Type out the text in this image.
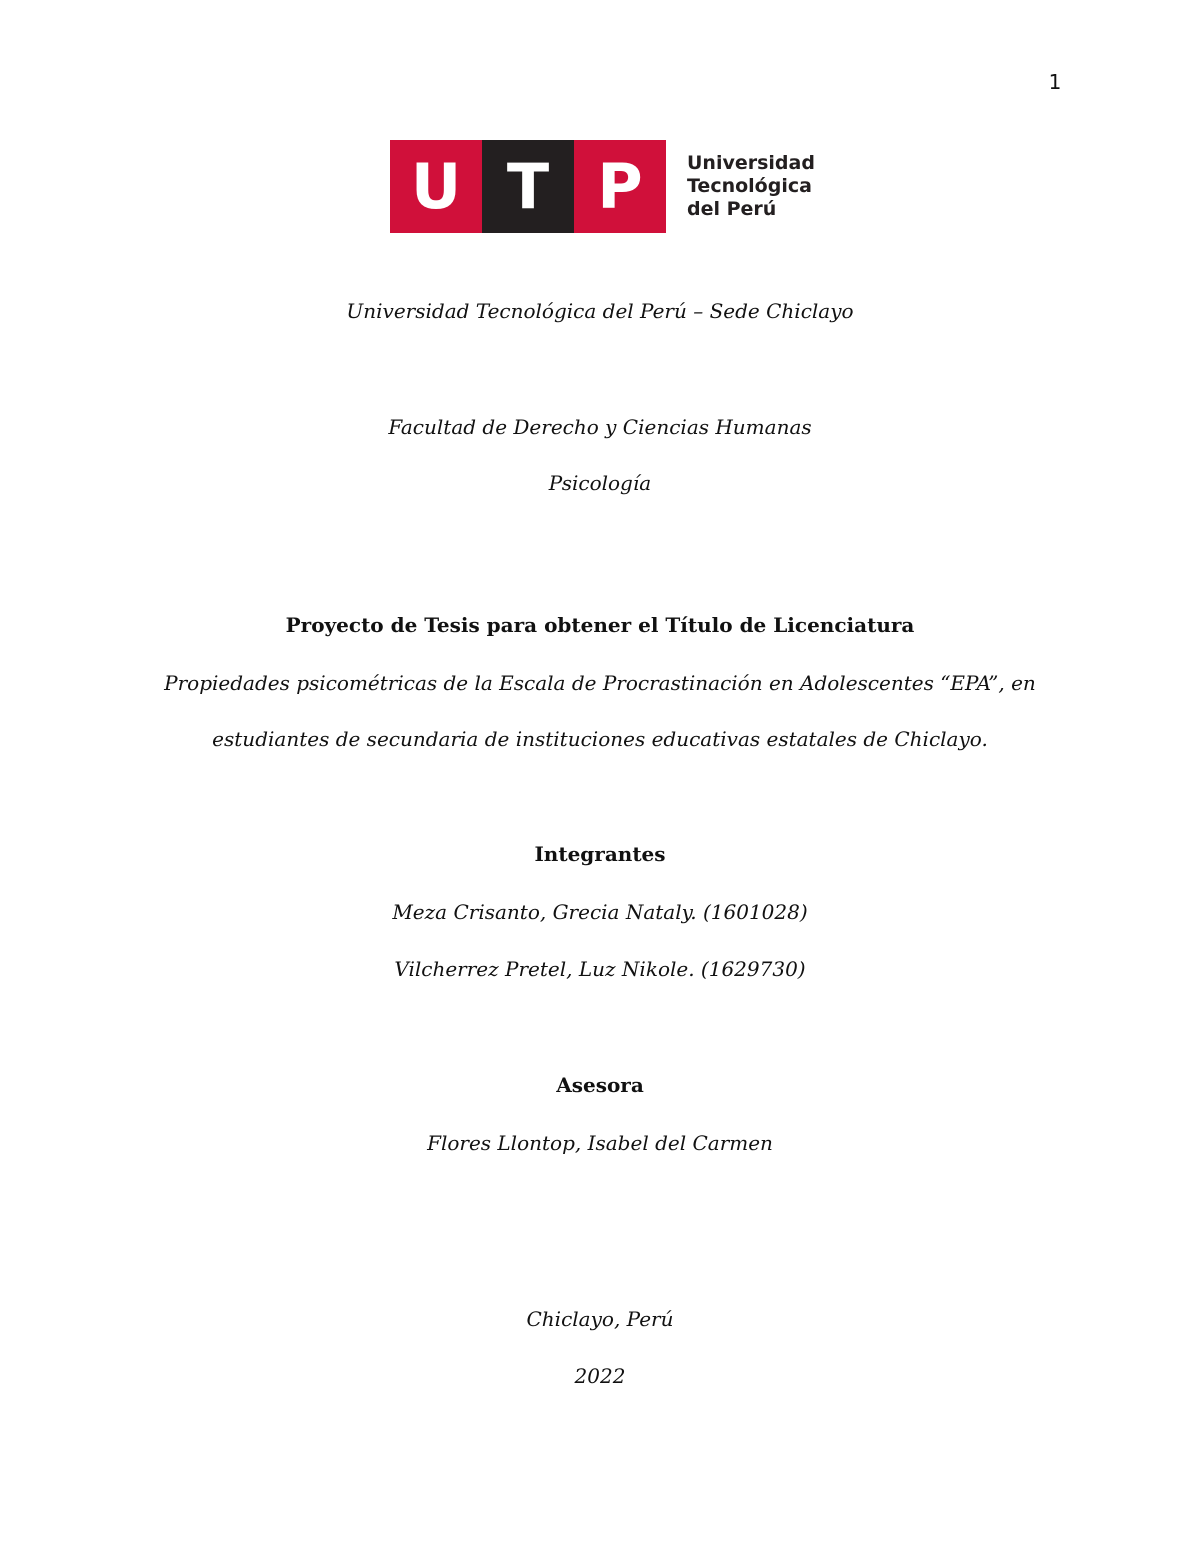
1
U T P	Universidad
Tecnológica
del Perú
Universidad Tecnológica del Perú – Sede Chiclayo
Facultad de Derecho y Ciencias Humanas
Psicología
Proyecto de Tesis para obtener el Título de Licenciatura
Propiedades psicométricas de la Escala de Procrastinación en Adolescentes “EPA”, en
estudiantes de secundaria de instituciones educativas estatales de Chiclayo.
Integrantes
Meza Crisanto, Grecia Nataly. (1601028)
Vilcherrez Pretel, Luz Nikole. (1629730)
Asesora
Flores Llontop, Isabel del Carmen
Chiclayo, Perú
2022
